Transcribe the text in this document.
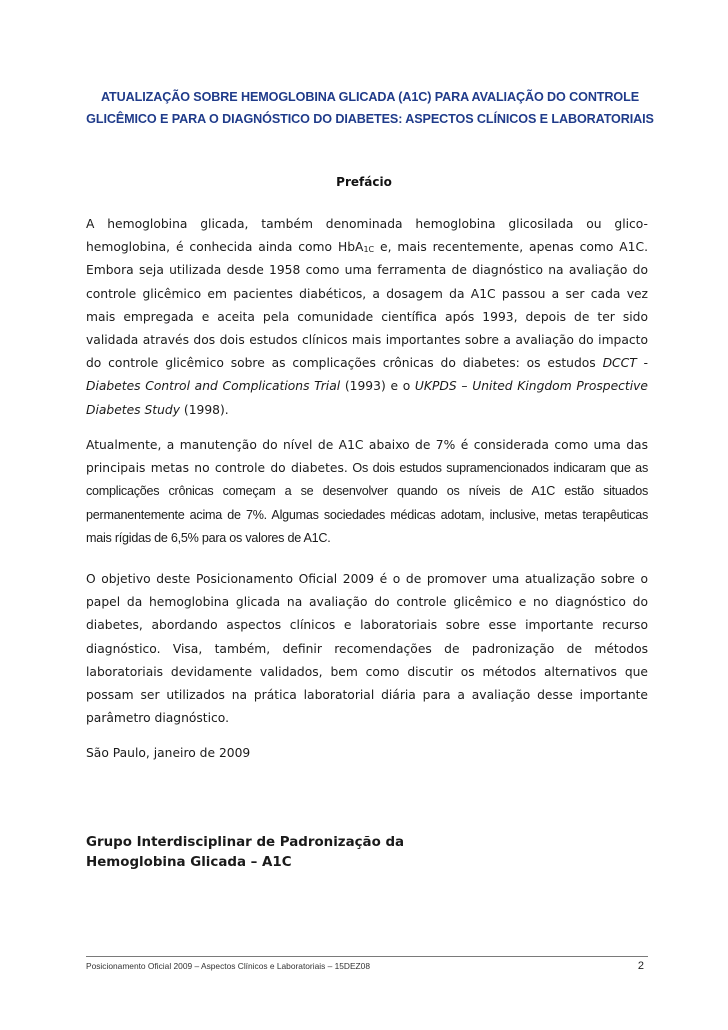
ATUALIZAÇÃO SOBRE HEMOGLOBINA GLICADA (A1C) PARA AVALIAÇÃO DO CONTROLE
GLICÊMICO E PARA O DIAGNÓSTICO DO DIABETES: ASPECTOS CLÍNICOS E LABORATORIAIS
Prefácio

A hemoglobina glicada, também denominada hemoglobina glicosilada ou glico-hemoglobina, é conhecida ainda como HbA$_{1C}$ e, mais recentemente, apenas como A1C. Embora seja utilizada desde 1958 como uma ferramenta de diagnóstico na avaliação do controle glicêmico em pacientes diabéticos, a dosagem da A1C passou a ser cada vez mais empregada e aceita pela comunidade científica após 1993, depois de ter sido validada através dos dois estudos clínicos mais importantes sobre a avaliação do impacto do controle glicêmico sobre as complicações crônicas do diabetes: os estudos DCCT - Diabetes Control and Complications Trial (1993) e o UKPDS – United Kingdom Prospective Diabetes Study (1998).

Atualmente, a manutenção do nível de A1C abaixo de 7% é considerada como uma das principais metas no controle do diabetes. Os dois estudos supramencionados indicaram que as complicações crônicas começam a se desenvolver quando os níveis de A1C estão situados permanentemente acima de 7%. Algumas sociedades médicas adotam, inclusive, metas terapêuticas mais rígidas de 6,5% para os valores de A1C.

O objetivo deste Posicionamento Oficial 2009 é o de promover uma atualização sobre o papel da hemoglobina glicada na avaliação do controle glicêmico e no diagnóstico do diabetes, abordando aspectos clínicos e laboratoriais sobre esse importante recurso diagnóstico. Visa, também, definir recomendações de padronização de métodos laboratoriais devidamente validados, bem como discutir os métodos alternativos que possam ser utilizados na prática laboratorial diária para a avaliação desse importante parâmetro diagnóstico.

São Paulo, janeiro de 2009
Grupo Interdisciplinar de Padronização da
Hemoglobina Glicada – A1C
Posicionamento Oficial 2009 – Aspectos Clínicos e Laboratoriais – 15DEZ08	2
